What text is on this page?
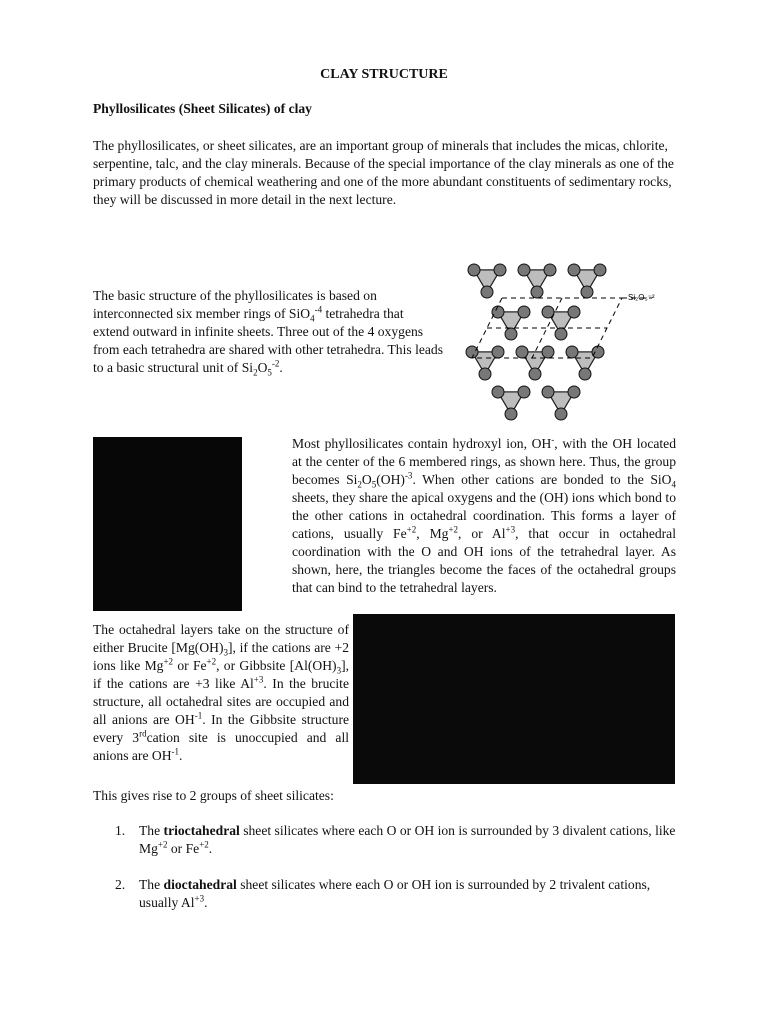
CLAY STRUCTURE
Phyllosilicates (Sheet Silicates) of clay
The phyllosilicates, or sheet silicates, are an important group of minerals that includes the micas, chlorite, serpentine, talc, and the clay minerals. Because of the special importance of the clay minerals as one of the primary products of chemical weathering and one of the more abundant constituents of sedimentary rocks, they will be discussed in more detail in the next lecture.
The basic structure of the phyllosilicates is based on interconnected six member rings of SiO$_4^{-4}$ tetrahedra that extend outward in infinite sheets. Three out of the 4 oxygens from each tetrahedra are shared with other tetrahedra. This leads to a basic structural unit of $Si_2O_5^{-2}$.
Si₂O₅⁻²
Most phyllosilicates contain hydroxyl ion, OH-, with the OH located at the center of the 6 membered rings, as shown here. Thus, the group becomes $Si_2O_5(OH)^{-3}$. When other cations are bonded to the SiO$_4$ sheets, they share the apical oxygens and the (OH) ions which bond to the other cations in octahedral coordination. This forms a layer of cations, usually $Fe^{+2}$, $Mg^{+2}$, or $Al^{+3}$, that occur in octahedral coordination with the O and OH ions of the tetrahedral layer. As shown, here, the triangles become the faces of the octahedral groups that can bind to the tetrahedral layers.
The octahedral layers take on the structure of either Brucite $[Mg(OH)_3]$, if the cations are +2 ions like $Mg^{+2}$ or $Fe^{+2}$, or Gibbsite $[Al(OH)_3]$, if the cations are +3 like $Al^{+3}$. In the brucite structure, all octahedral sites are occupied and all anions are $OH^{-1}$. In the Gibbsite structure every 3rdcation site is unoccupied and all anions are $OH^{-1}$.
This gives rise to 2 groups of sheet silicates:
1. The trioctahedral sheet silicates where each O or OH ion is surrounded by 3 divalent cations, like $Mg^{+2}$ or $Fe^{+2}$.
2. The dioctahedral sheet silicates where each O or OH ion is surrounded by 2 trivalent cations, usually $Al^{+3}$.
